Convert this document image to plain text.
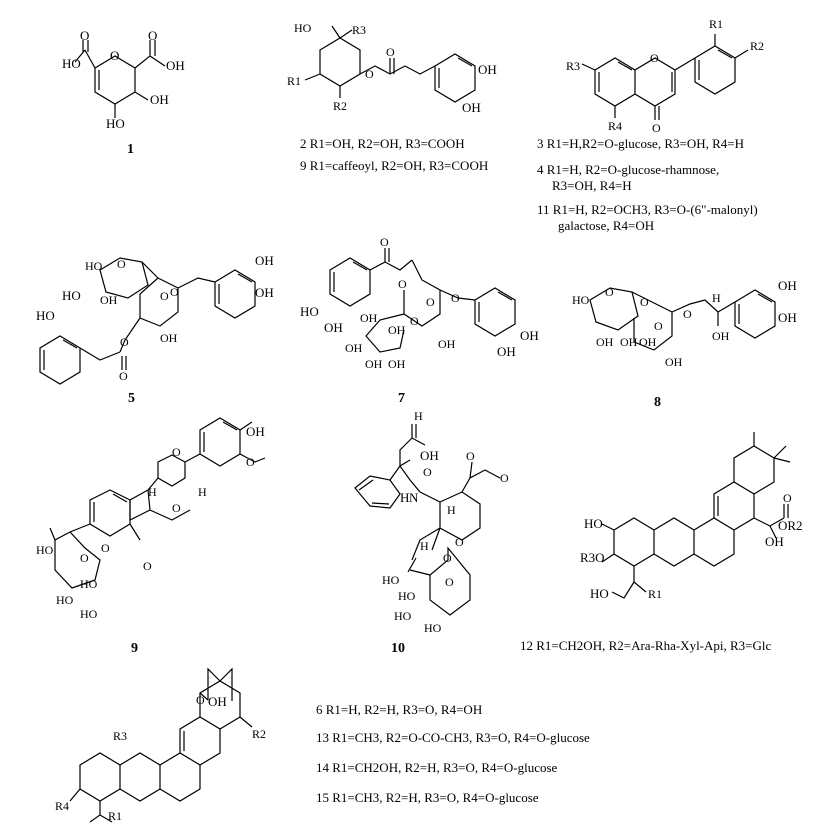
O
O	O
HO	OH
HO
OH
1
HO	R3
R1
R2
O
O
OH
OH
2 R1=OH, R2=OH, R3=COOH
9 R1=caffeoyl, R2=OH, R3=COOH
O
O
R1
R2
R3
R4
3 R1=H,R2=O-glucose, R3=OH, R4=H
4 R1=H, R2=O-glucose-rhamnose,
R3=OH, R4=H
11 R1=H, R2=OCH3, R3=O-(6"-malonyl)
galactose, R4=OH
HO O
OH	O O
OH
O
OH
OH
HO
HO
O
5
HO
OH
O
O
O O
OH	O
OH
OH
OH
OH OH
OH
OH
7
HO
O
O
O
O
H
OH
OH OH OH
OH
OH
OH
8
O
O
H	H
OH
O
O
O
HO
O
HO
HO
HO
9
H
OH
O
H N
O
O
H
H O
O
HO	O
HO
HO
HO
10
O
OR2
OH
HO
R3O
HO	R1
12 R1=CH2OH, R2=Ara-Rha-Xyl-Api, R3=Glc
O OH
R3	R2
R4
R1
6 R1=H, R2=H, R3=O, R4=OH
13 R1=CH3, R2=O-CO-CH3, R3=O, R4=O-glucose
14 R1=CH2OH, R2=H, R3=O, R4=O-glucose
15 R1=CH3, R2=H, R3=O, R4=O-glucose
